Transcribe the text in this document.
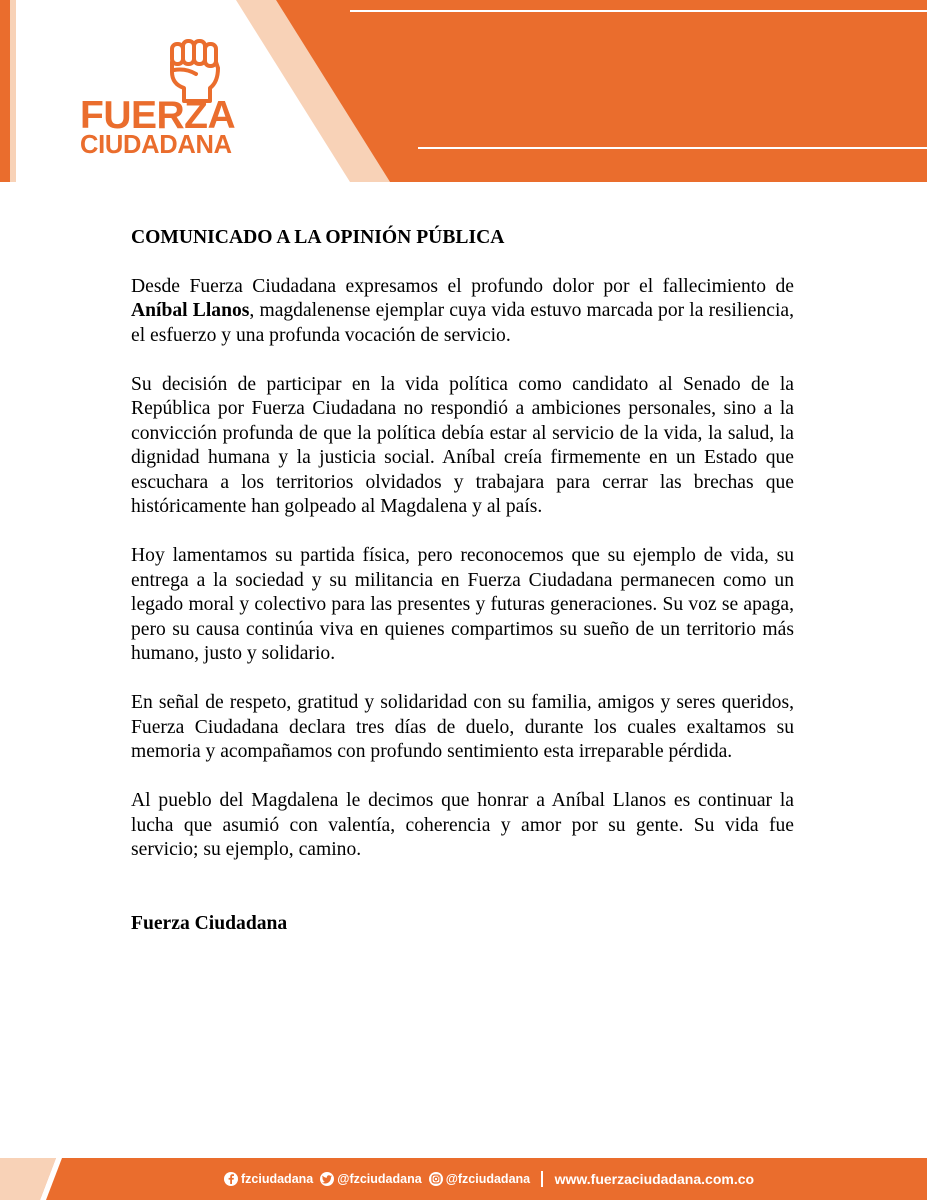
FUERZA
CIUDADANA
COMUNICADO A LA OPINIÓN PÚBLICA

Desde Fuerza Ciudadana expresamos el profundo dolor por el fallecimiento de Aníbal Llanos, magdalenense ejemplar cuya vida estuvo marcada por la resiliencia, el esfuerzo y una profunda vocación de servicio.

Su decisión de participar en la vida política como candidato al Senado de la República por Fuerza Ciudadana no respondió a ambiciones personales, sino a la convicción profunda de que la política debía estar al servicio de la vida, la salud, la dignidad humana y la justicia social. Aníbal creía firmemente en un Estado que escuchara a los territorios olvidados y trabajara para cerrar las brechas que históricamente han golpeado al Magdalena y al país.

Hoy lamentamos su partida física, pero reconocemos que su ejemplo de vida, su entrega a la sociedad y su militancia en Fuerza Ciudadana permanecen como un legado moral y colectivo para las presentes y futuras generaciones. Su voz se apaga, pero su causa continúa viva en quienes compartimos su sueño de un territorio más humano, justo y solidario.

En señal de respeto, gratitud y solidaridad con su familia, amigos y seres queridos, Fuerza Ciudadana declara tres días de duelo, durante los cuales exaltamos su memoria y acompañamos con profundo sentimiento esta irreparable pérdida.

Al pueblo del Magdalena le decimos que honrar a Aníbal Llanos es continuar la lucha que asumió con valentía, coherencia y amor por su gente. Su vida fue servicio; su ejemplo, camino.

Fuerza Ciudadana
fzciudadana @fzciudadana @fzciudadana www.fuerzaciudadana.com.co
